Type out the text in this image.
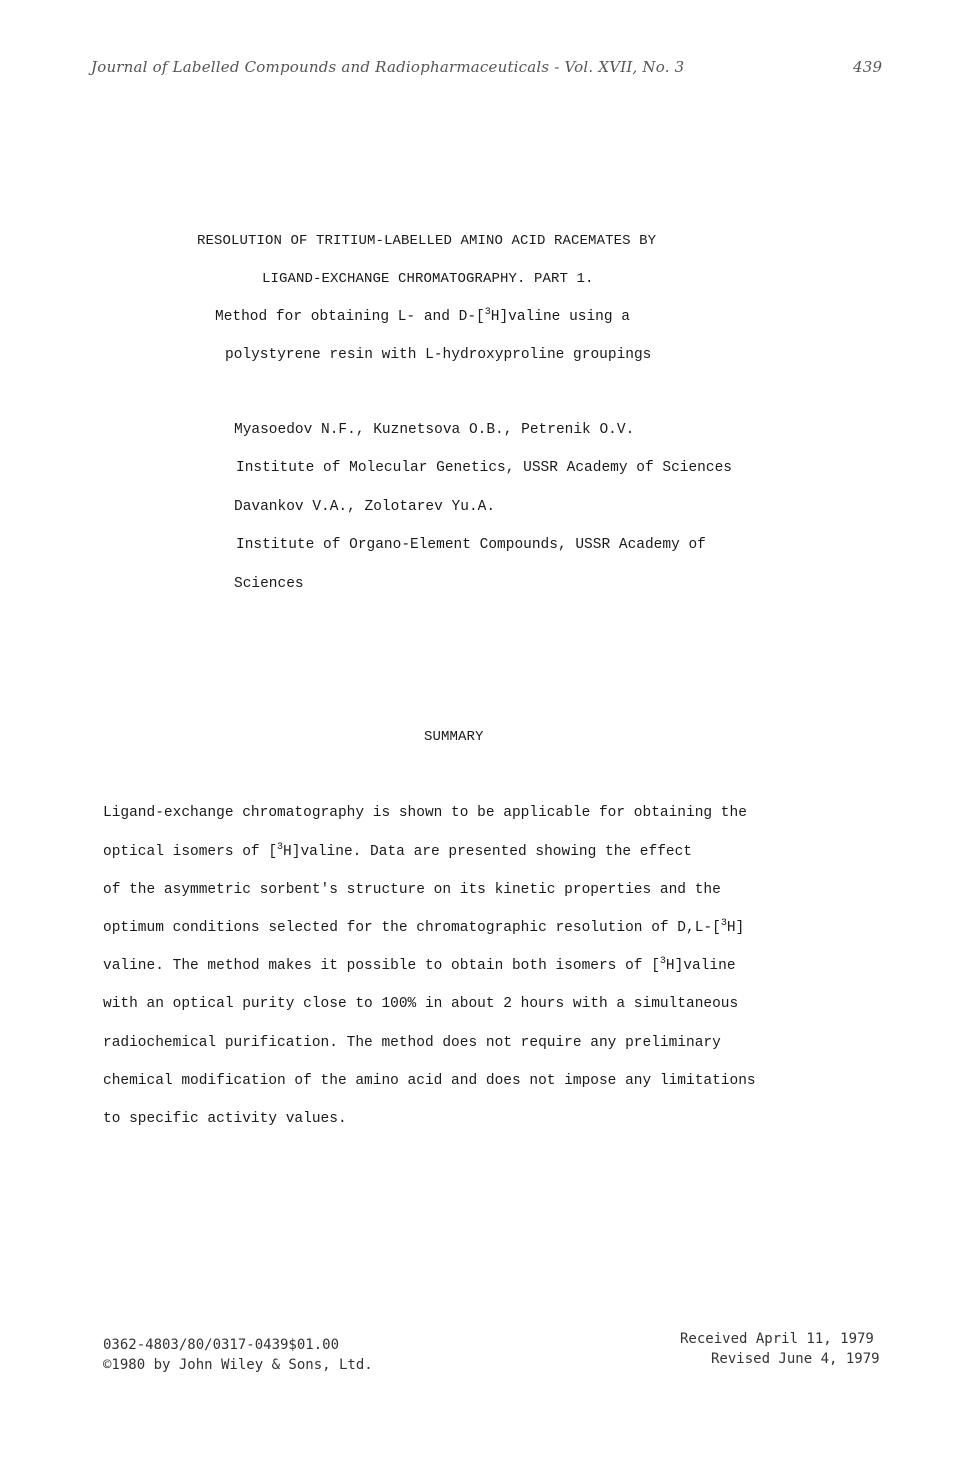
Journal of Labelled Compounds and Radiopharmaceuticals - Vol. XVII, No. 3	439
RESOLUTION OF TRITIUM-LABELLED AMINO ACID RACEMATES BY
LIGAND-EXCHANGE CHROMATOGRAPHY. PART 1.
Method for obtaining L- and D-[$^3$H]valine using a
polystyrene resin with L-hydroxyproline groupings
Myasoedov N.F., Kuznetsova O.B., Petrenik O.V.
Institute of Molecular Genetics, USSR Academy of Sciences
Davankov V.A., Zolotarev Yu.A.
Institute of Organo-Element Compounds, USSR Academy of
Sciences
SUMMARY

Ligand-exchange chromatography is shown to be applicable for obtaining the

optical isomers of [$^3$H]valine. Data are presented showing the effect

of the asymmetric sorbent's structure on its kinetic properties and the

optimum conditions selected for the chromatographic resolution of D,L-[$^3$H]

valine. The method makes it possible to obtain both isomers of [$^3$H]valine

with an optical purity close to 100% in about 2 hours with a simultaneous

radiochemical purification. The method does not require any preliminary

chemical modification of the amino acid and does not impose any limitations

to specific activity values.

0362-4803/80/0317-0439$01.00
©1980 by John Wiley & Sons, Ltd.
Received April 11, 1979
Revised June 4, 1979
